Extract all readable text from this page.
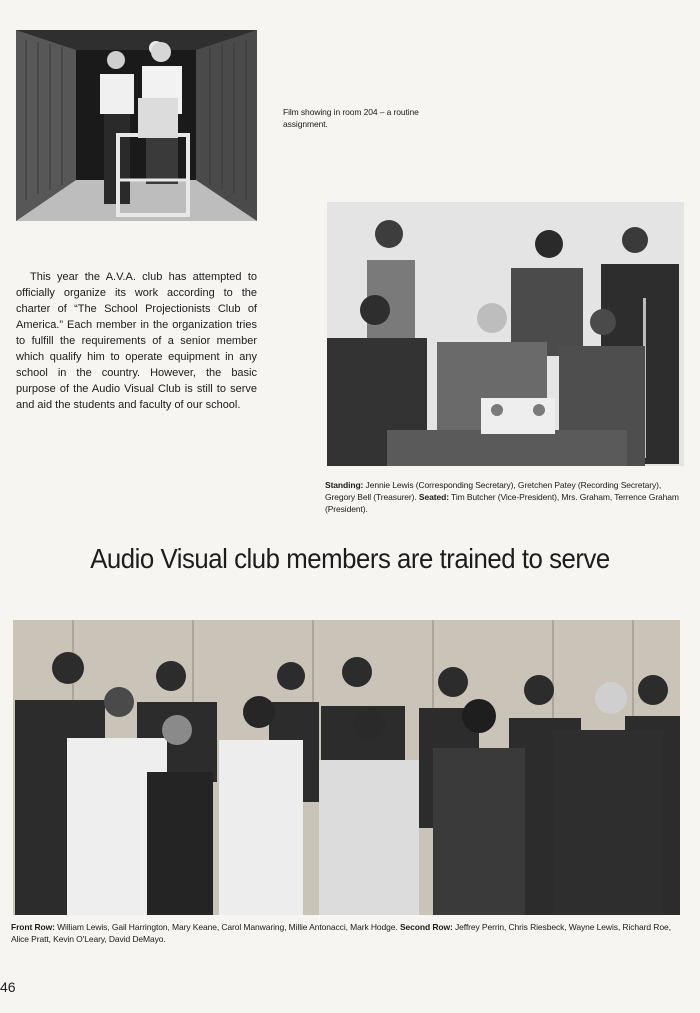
Film showing in room 204 – a routine assignment.
This year the A.V.A. club has attempted to officially organize its work according to the charter of “The School Projectionists Club of America.” Each member in the organization tries to fulfill the requirements of a senior member which qualify him to operate equipment in any school in the country. However, the basic purpose of the Audio Visual Club is still to serve and aid the students and faculty of our school.
Standing: Jennie Lewis (Corresponding Secretary), Gretchen Patey (Recording Secretary), Gregory Bell (Treasurer). Seated: Tim Butcher (Vice-President), Mrs. Graham, Terrence Graham (President).
Audio Visual club members are trained to serve
Front Row: William Lewis, Gail Harrington, Mary Keane, Carol Manwaring, Millie Antonacci, Mark Hodge. Second Row: Jeffrey Perrin, Chris Riesbeck, Wayne Lewis, Richard Roe, Alice Pratt, Kevin O'Leary, David DeMayo.
46
